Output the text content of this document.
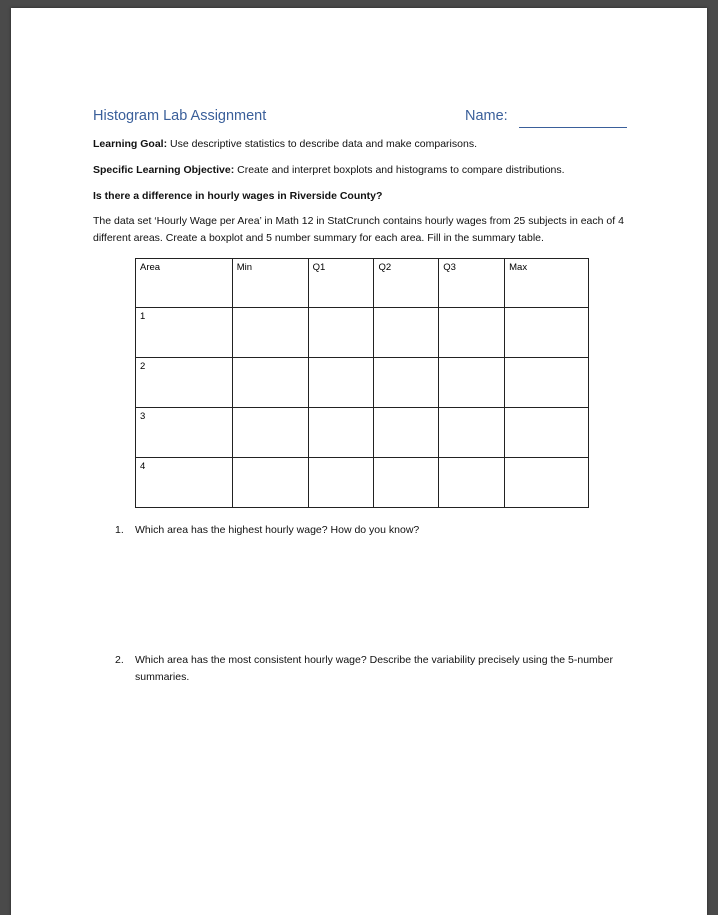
Histogram Lab Assignment	Name:

Learning Goal: Use descriptive statistics to describe data and make comparisons.

Specific Learning Objective: Create and interpret boxplots and histograms to compare distributions.

Is there a difference in hourly wages in Riverside County?

The data set ‘Hourly Wage per Area’ in Math 12 in StatCrunch contains hourly wages from 25 subjects in each of 4 different areas. Create a boxplot and 5 number summary for each area. Fill in the summary table.

Area	Min	Q1	Q2	Q3	Max
1					
2					
3					
4					
1. Which area has the highest hourly wage? How do you know?
2. Which area has the most consistent hourly wage? Describe the variability precisely using the 5-number summaries.
